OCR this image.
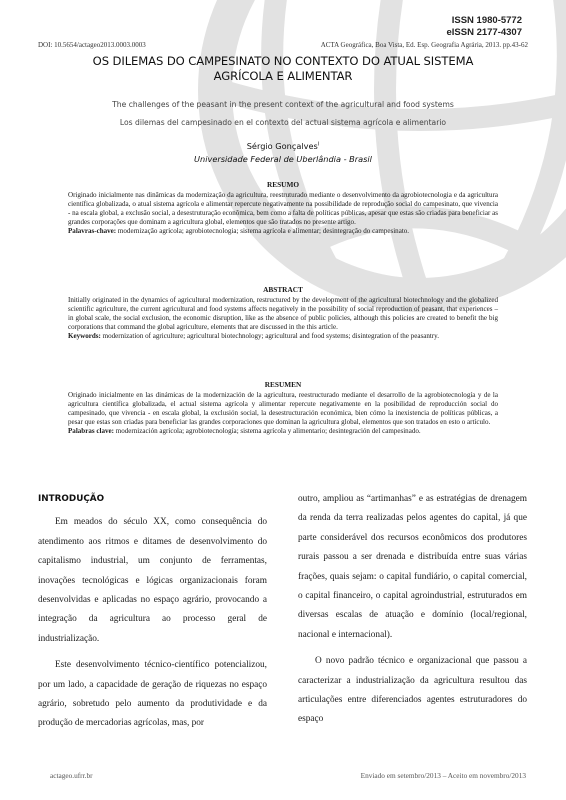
ISSN 1980-5772
eISSN 2177-4307
DOI: 10.5654/actageo2013.0003.0003	ACTA Geográfica, Boa Vista, Ed. Esp. Geografia Agrária, 2013. pp.43-62
OS DILEMAS DO CAMPESINATO NO CONTEXTO DO ATUAL SISTEMA
AGRÍCOLA E ALIMENTAR
The challenges of the peasant in the present context of the agricultural and food systems
Los dilemas del campesinado en el contexto del actual sistema agrícola e alimentario
Sérgio Gonçalves$^I$
Universidade Federal de Uberlândia - Brasil
RESUMO

Originado inicialmente nas dinâmicas da modernização da agricultura, reestruturado mediante o desenvolvimento da agrobiotecnologia e da agricultura científica globalizada, o atual sistema agrícola e alimentar repercute negativamente na possibilidade de reprodução social do campesinato, que vivencia - na escala global, a exclusão social, a desestruturação econômica, bem como a falta de políticas públicas, apesar que estas são criadas para beneficiar as grandes corporações que dominam a agricultura global, elementos que são tratados no presente artigo.

Palavras-chave: modernização agrícola; agrobiotecnologia; sistema agrícola e alimentar; desintegração do campesinato.

ABSTRACT

Initially originated in the dynamics of agricultural modernization, restructured by the development of the agricultural biotechnology and the globalized scientific agriculture, the current agricultural and food systems affects negatively in the possibility of social reproduction of peasant, that experiences – in global scale, the social exclusion, the economic disruption, like as the absence of public policies, although this policies are created to benefit the big corporations that command the global agriculture, elements that are discussed in the this article.

Keywords: modernization of agriculture; agricultural biotechnology; agricultural and food systems; disintegration of the peasantry.

RESUMEN

Originado inicialmente en las dinámicas de la modernización de la agricultura, reestructurado mediante el desarrollo de la agrobiotecnología y de la agricultura científica globalizada, el actual sistema agrícola y alimentar repercute negativamente en la posibilidad de reproducción social do campesinado, que vivencia - en escala global, la exclusión social, la desestructuración económica, bien cómo la inexistencia de políticas públicas, a pesar que estas son criadas para beneficiar las grandes corporaciones que dominan la agricultura global, elementos que son tratados en esto o artículo.

Palabras clave: modernización agrícola; agrobiotecnología; sistema agrícola y alimentario; desintegración del campesinado.

INTRODUÇÃO

Em meados do século XX, como consequência do atendimento aos ritmos e ditames de desenvolvimento do capitalismo industrial, um conjunto de ferramentas, inovações tecnológicas e lógicas organizacionais foram desenvolvidas e aplicadas no espaço agrário, provocando a integração da agricultura ao processo geral de industrialização.

Este desenvolvimento técnico-científico potencializou, por um lado, a capacidade de geração de riquezas no espaço agrário, sobretudo pelo aumento da produtividade e da produção de mercadorias agrícolas, mas, por

outro, ampliou as “artimanhas” e as estratégias de drenagem da renda da terra realizadas pelos agentes do capital, já que parte considerável dos recursos econômicos dos produtores rurais passou a ser drenada e distribuída entre suas várias frações, quais sejam: o capital fundiário, o capital comercial, o capital financeiro, o capital agroindustrial, estruturados em diversas escalas de atuação e domínio (local/regional, nacional e internacional).

O novo padrão técnico e organizacional que passou a caracterizar a industrialização da agricultura resultou das articulações entre diferenciados agentes estruturadores do espaço

actageo.ufrr.br	Enviado em setembro/2013 – Aceito em novembro/2013
